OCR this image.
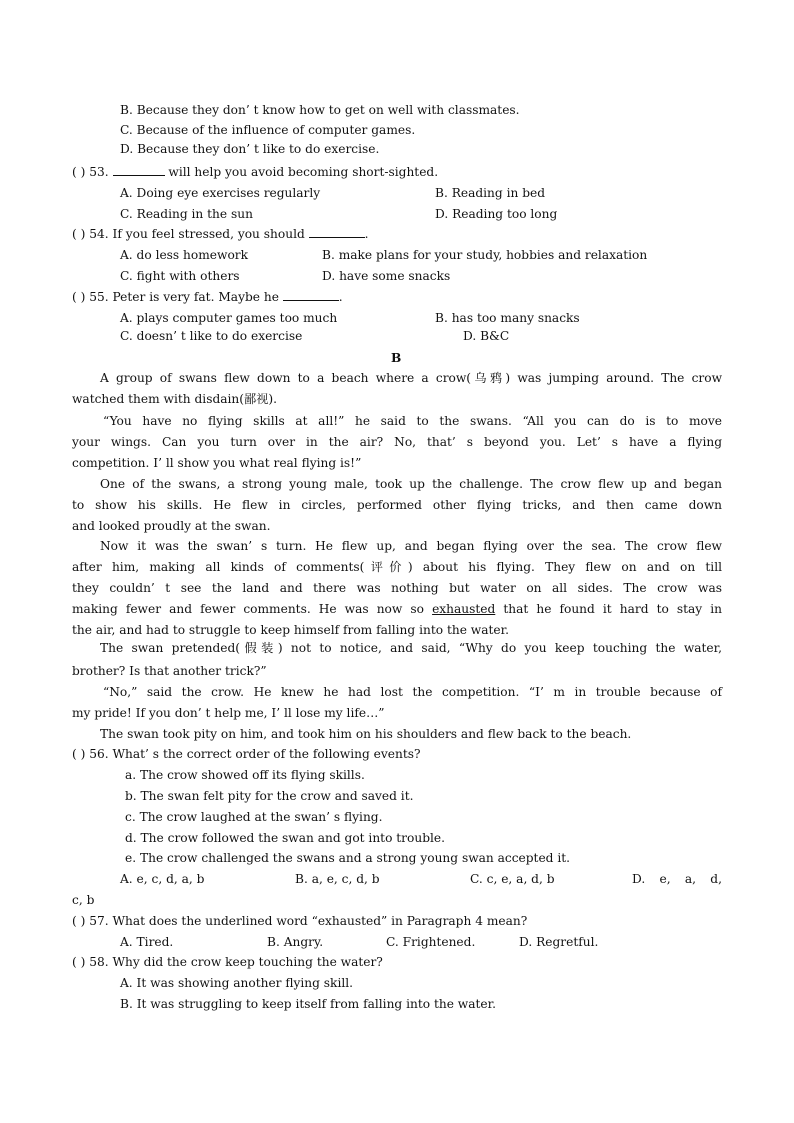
B. Because they don’ t know how to get on well with classmates.
C. Because of the influence of computer games.
D. Because they don’ t like to do exercise.
( ) 53.	will help you avoid becoming short-sighted.
A. Doing eye exercises regularly	B. Reading in bed
C. Reading in the sun	D. Reading too long
( ) 54. If you feel stressed, you should	.
A. do less homework	B. make plans for your study, hobbies and relaxation
C. fight with others	D. have some snacks
( ) 55. Peter is very fat. Maybe he	.
A. plays computer games too much	B. has too many snacks
C. doesn’ t like to do exercise	D. B&C
B
A group of swans flew down to a beach where a crow(乌鸦) was jumping around. The crow
watched them with disdain(鄙视).
“You have no flying skills at all!” he said to the swans. “All you can do is to move
your wings. Can you turn over in the air? No, that’ s beyond you. Let’ s have a flying
competition. I’ ll show you what real flying is!”
One of the swans, a strong young male, took up the challenge. The crow flew up and began
to show his skills. He flew in circles, performed other flying tricks, and then came down
and looked proudly at the swan.
Now it was the swan’ s turn. He flew up, and began flying over the sea. The crow flew
after him, making all kinds of comments(评价) about his flying. They flew on and on till
they couldn’ t see the land and there was nothing but water on all sides. The crow was
making fewer and fewer comments. He was now so exhausted that he found it hard to stay in
the air, and had to struggle to keep himself from falling into the water.
The swan pretended(假装) not to notice, and said, “Why do you keep touching the water,
brother? Is that another trick?”
“No,” said the crow. He knew he had lost the competition. “I’ m in trouble because of
my pride! If you don’ t help me, I’ ll lose my life…”
The swan took pity on him, and took him on his shoulders and flew back to the beach.
( ) 56. What’ s the correct order of the following events?
a. The crow showed off its flying skills.
b. The swan felt pity for the crow and saved it.
c. The crow laughed at the swan’ s flying.
d. The crow followed the swan and got into trouble.
e. The crow challenged the swans and a strong young swan accepted it.
A. e, c, d, a, b	B. a, e, c, d, b	C. c, e, a, d, b	D. e, a, d,
c, b
( ) 57. What does the underlined word “exhausted” in Paragraph 4 mean?
A. Tired.	B. Angry.	C. Frightened.	D. Regretful.
( ) 58. Why did the crow keep touching the water?
A. It was showing another flying skill.
B. It was struggling to keep itself from falling into the water.
